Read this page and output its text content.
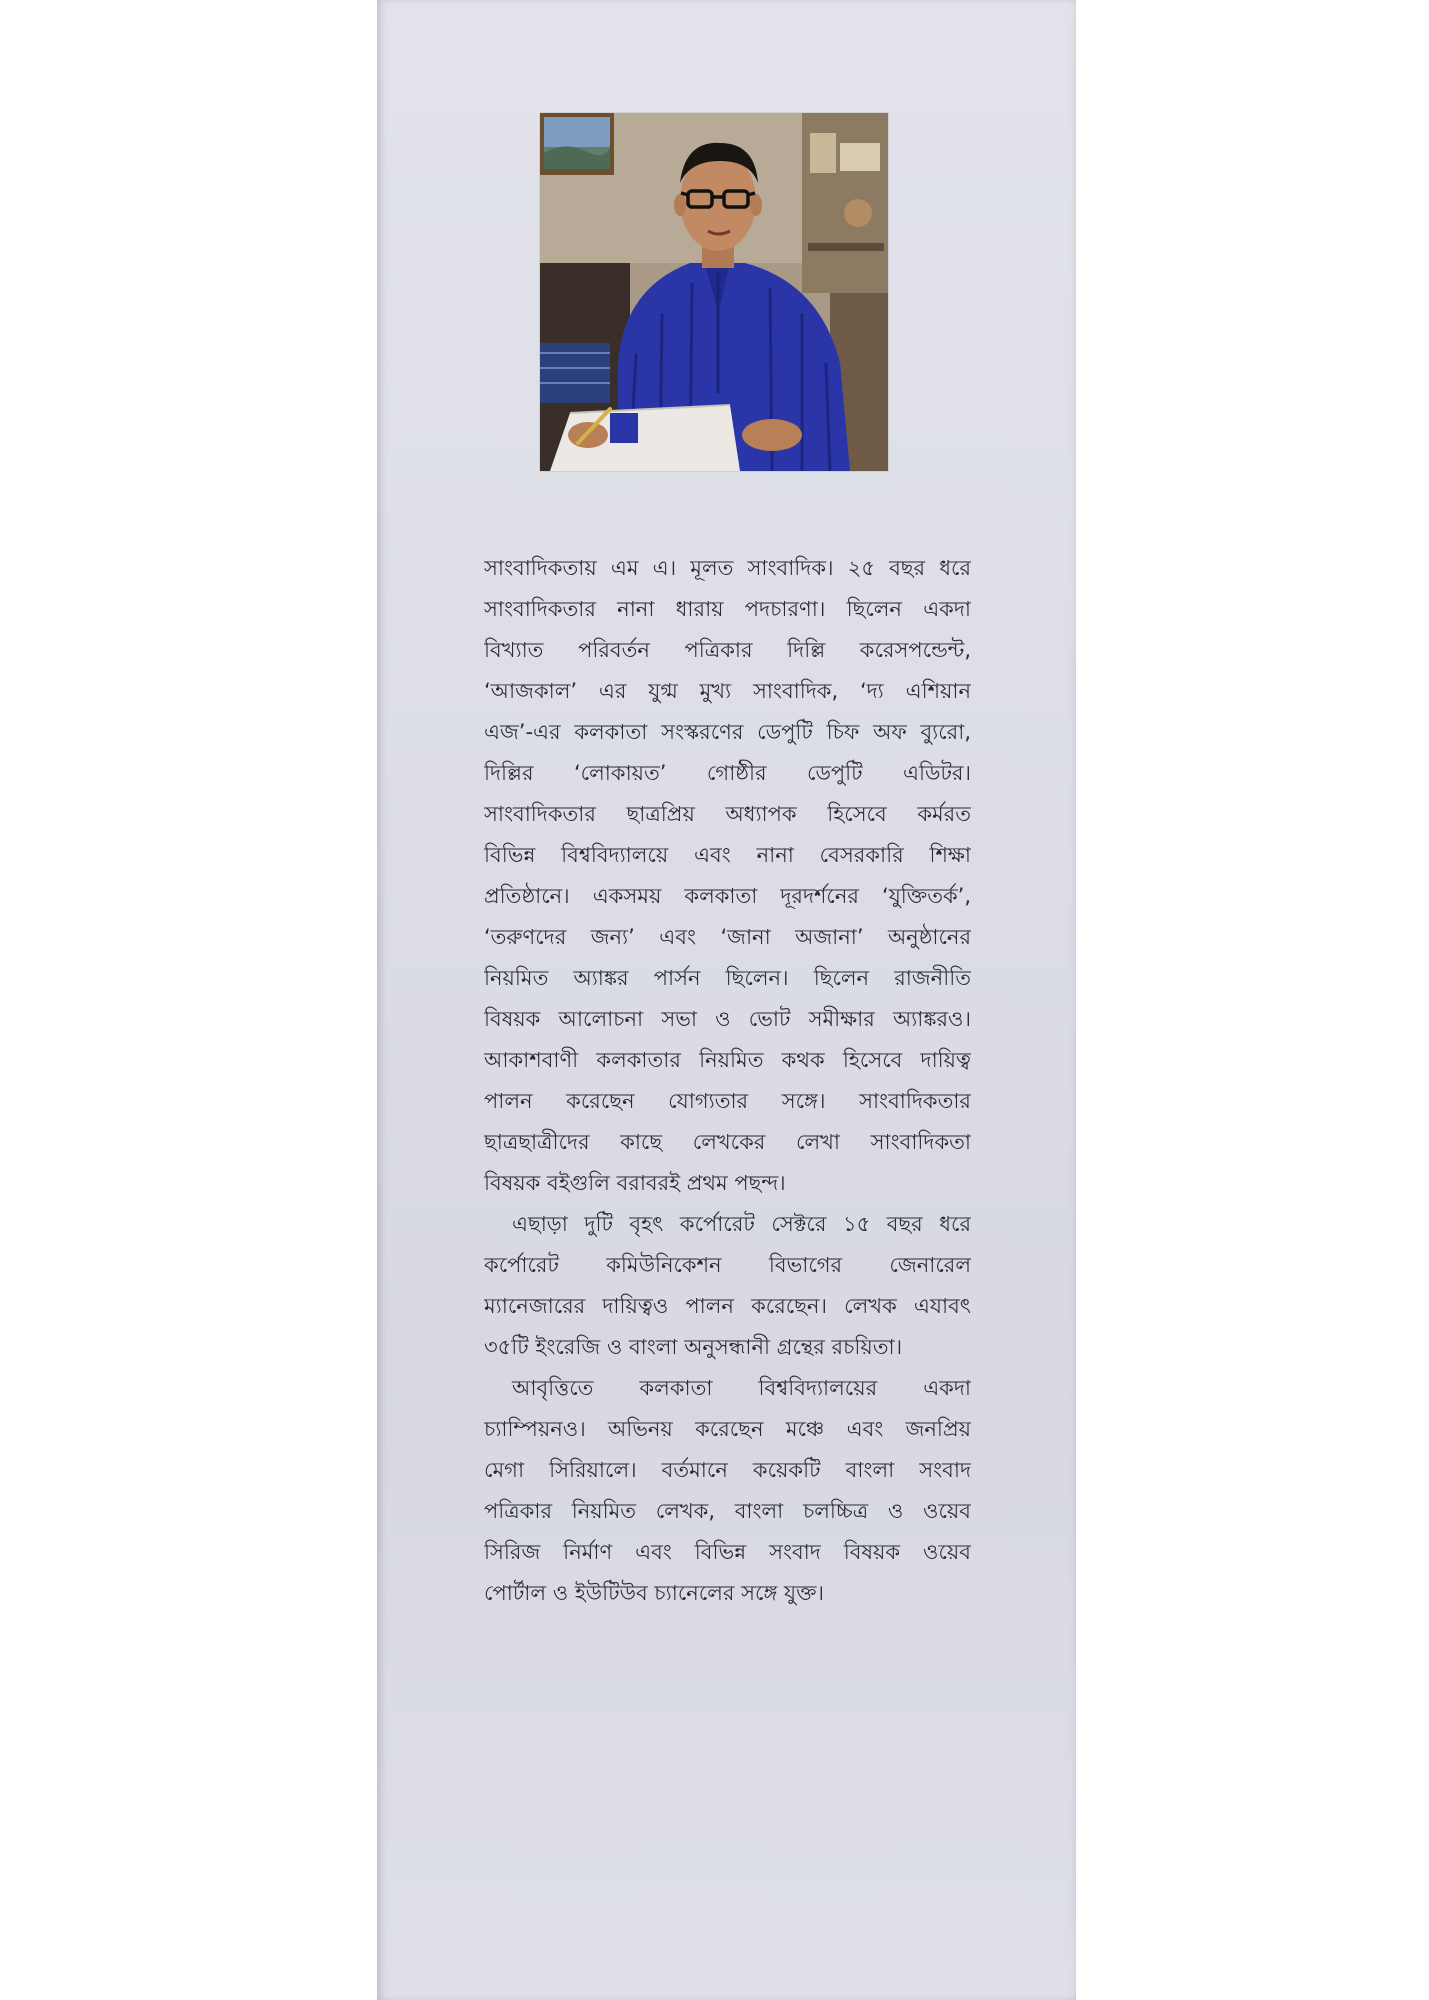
সাংবাদিকতায় এম এ। মূলত সাংবাদিক। ২৫ বছর ধরে
সাংবাদিকতার নানা ধারায় পদচারণা। ছিলেন একদা
বিখ্যাত পরিবর্তন পত্রিকার দিল্লি করেসপন্ডেন্ট,
‘আজকাল’ এর যুগ্ম মুখ্য সাংবাদিক, ‘দ্য এশিয়ান
এজ’-এর কলকাতা সংস্করণের ডেপুটি চিফ অফ ব্যুরো,
দিল্লির ‘লোকায়ত’ গোষ্ঠীর ডেপুটি এডিটর।
সাংবাদিকতার ছাত্রপ্রিয় অধ্যাপক হিসেবে কর্মরত
বিভিন্ন বিশ্ববিদ্যালয়ে এবং নানা বেসরকারি শিক্ষা
প্রতিষ্ঠানে। একসময় কলকাতা দূরদর্শনের ‘যুক্তিতর্ক’,
‘তরুণদের জন্য’ এবং ‘জানা অজানা’ অনুষ্ঠানের
নিয়মিত অ্যাঙ্কর পার্সন ছিলেন। ছিলেন রাজনীতি
বিষয়ক আলোচনা সভা ও ভোট সমীক্ষার অ্যাঙ্করও।
আকাশবাণী কলকাতার নিয়মিত কথক হিসেবে দায়িত্ব
পালন করেছেন যোগ্যতার সঙ্গে। সাংবাদিকতার
ছাত্রছাত্রীদের কাছে লেখকের লেখা সাংবাদিকতা
বিষয়ক বইগুলি বরাবরই প্রথম পছন্দ।
এছাড়া দুটি বৃহৎ কর্পোরেট সেক্টরে ১৫ বছর ধরে
কর্পোরেট কমিউনিকেশন বিভাগের জেনারেল
ম্যানেজারের দায়িত্বও পালন করেছেন। লেখক এযাবৎ
৩৫টি ইংরেজি ও বাংলা অনুসন্ধানী গ্রন্থের রচয়িতা।
আবৃত্তিতে কলকাতা বিশ্ববিদ্যালয়ের একদা
চ্যাম্পিয়নও। অভিনয় করেছেন মঞ্চে এবং জনপ্রিয়
মেগা সিরিয়ালে। বর্তমানে কয়েকটি বাংলা সংবাদ
পত্রিকার নিয়মিত লেখক, বাংলা চলচ্চিত্র ও ওয়েব
সিরিজ নির্মাণ এবং বিভিন্ন সংবাদ বিষয়ক ওয়েব
পোর্টাল ও ইউটিউব চ্যানেলের সঙ্গে যুক্ত।
